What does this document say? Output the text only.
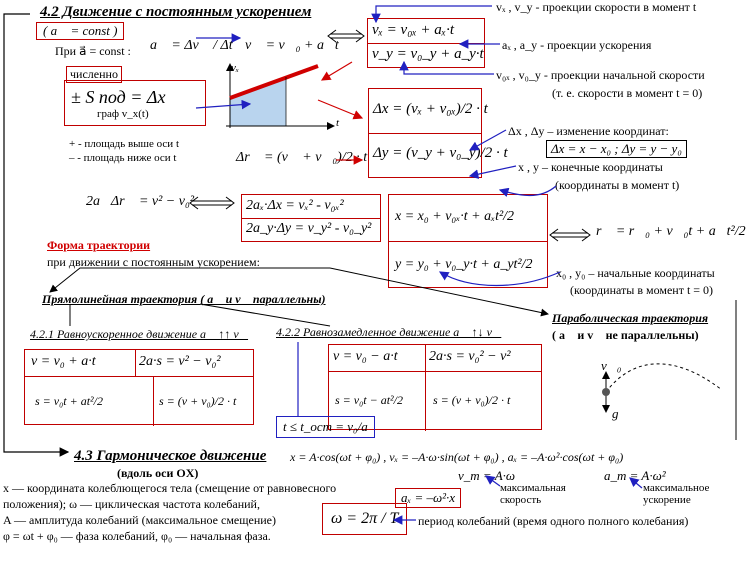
4.2 Движение с постоянным ускорением
( a⃗ = const )
При a⃗ = const : a⃗ = Δv⃗ / Δt v⃗ = v⃗₀ + a⃗t
численно
± S под = Δx
граф v_x(t)
+ - площадь выше оси t
– - площадь ниже оси t
vₓ
t
Δr⃗ = (v⃗ + v⃗₀)/2 · t
2a⃗Δr⃗ = v² − v₀²
vₓ = v₀ₓ + aₓ·t
v_y = v₀_y + a_y·t
vₓ , v_y - проекции скорости в момент t
aₓ , a_y - проекции ускорения
v₀ₓ , v₀_y - проекции начальной скорости
(т. е. скорости в момент t = 0)
Δx , Δy – изменение координат:
Δx = x − x₀ ; Δy = y − y₀
x , y – конечные координаты
(координаты в момент t)
x₀ , y₀ – начальные координаты
(координаты в момент t = 0)
Δx = (vₓ + v₀ₓ)/2 · t
Δy = (v_y + v₀_y)/2 · t
2aₓ·Δx = vₓ² - v₀ₓ²
2a_y·Δy = v_y² - v₀_y²
x = x₀ + v₀ₓ·t + aₓt²/2
y = y₀ + v₀_y·t + a_yt²/2
r⃗ = r⃗₀ + v⃗₀t + a⃗t²/2
Форма траектории
при движении с постоянным ускорением:
Прямолинейная траектория ( a⃗ и v⃗ параллельны)
Параболическая траектория
( a⃗ и v⃗ не параллельны)
v⃗₀
g⃗
4.2.1 Равноускоренное движение a⃗ ↑↑ v⃗
v = v₀ + a·t	2a·s = v² − v₀²
s = v₀t + at²/2	s = (v + v₀)/2 · t
4.2.2 Равнозамедленное движение a⃗ ↑↓ v⃗
v = v₀ − a·t 2a·s = v₀² − v²
s = v₀t − at²/2	s = (v + v₀)/2 · t
t ≤ t_ост = v₀/a
4.3 Гармоническое движение
(вдоль оси OX)
x = A·cos(ωt + φ₀) , vₓ = –A·ω·sin(ωt + φ₀) , aₓ = –A·ω²·cos(ωt + φ₀)
v_m = A·ω	a_m = A·ω²
максимальная скорость
максимальное ускорение
aₓ = –ω²·x
ω = 2π / T	период колебаний (время одного полного колебания)
x — координата колеблющегося тела (смещение от равновесного
положения); ω — циклическая частота колебаний,
A — амплитуда колебаний (максимальное смещение)
φ = ωt + φ₀ — фаза колебаний, φ₀ — начальная фаза.
